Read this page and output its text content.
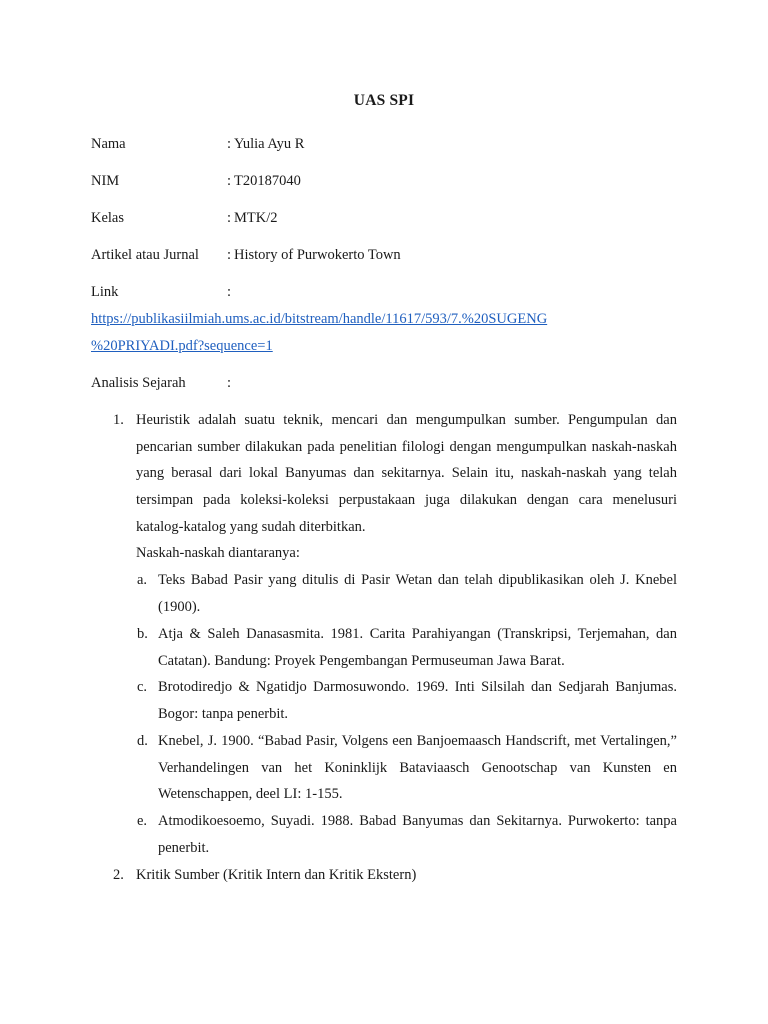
UAS SPI
Nama	: Yulia Ayu R
NIM	: T20187040
Kelas	: MTK/2
Artikel atau Jurnal : History of Purwokerto Town
Link	:
https://publikasiilmiah.ums.ac.id/bitstream/handle/11617/593/7.%20SUGENG
%20PRIYADI.pdf?sequence=1
Analisis Sejarah	:
1. Heuristik adalah suatu teknik, mencari dan mengumpulkan sumber. Pengumpulan dan pencarian sumber dilakukan pada penelitian filologi dengan mengumpulkan naskah-naskah yang berasal dari lokal Banyumas dan sekitarnya. Selain itu, naskah-naskah yang telah tersimpan pada koleksi-koleksi perpustakaan juga dilakukan dengan cara menelusuri katalog-katalog yang sudah diterbitkan.
Naskah-naskah diantaranya:
a. Teks Babad Pasir yang ditulis di Pasir Wetan dan telah dipublikasikan oleh J. Knebel (1900).
b. Atja & Saleh Danasasmita. 1981. Carita Parahiyangan (Transkripsi, Terjemahan, dan Catatan). Bandung: Proyek Pengembangan Permuseuman Jawa Barat.
c. Brotodiredjo & Ngatidjo Darmosuwondo. 1969. Inti Silsilah dan Sedjarah Banjumas. Bogor: tanpa penerbit.
d. Knebel, J. 1900. “Babad Pasir, Volgens een Banjoemaasch Handscrift, met Vertalingen,” Verhandelingen van het Koninklijk Bataviaasch Genootschap van Kunsten en Wetenschappen, deel LI: 1-155.
e. Atmodikoesoemo, Suyadi. 1988. Babad Banyumas dan Sekitarnya. Purwokerto: tanpa penerbit.
2. Kritik Sumber (Kritik Intern dan Kritik Ekstern)
